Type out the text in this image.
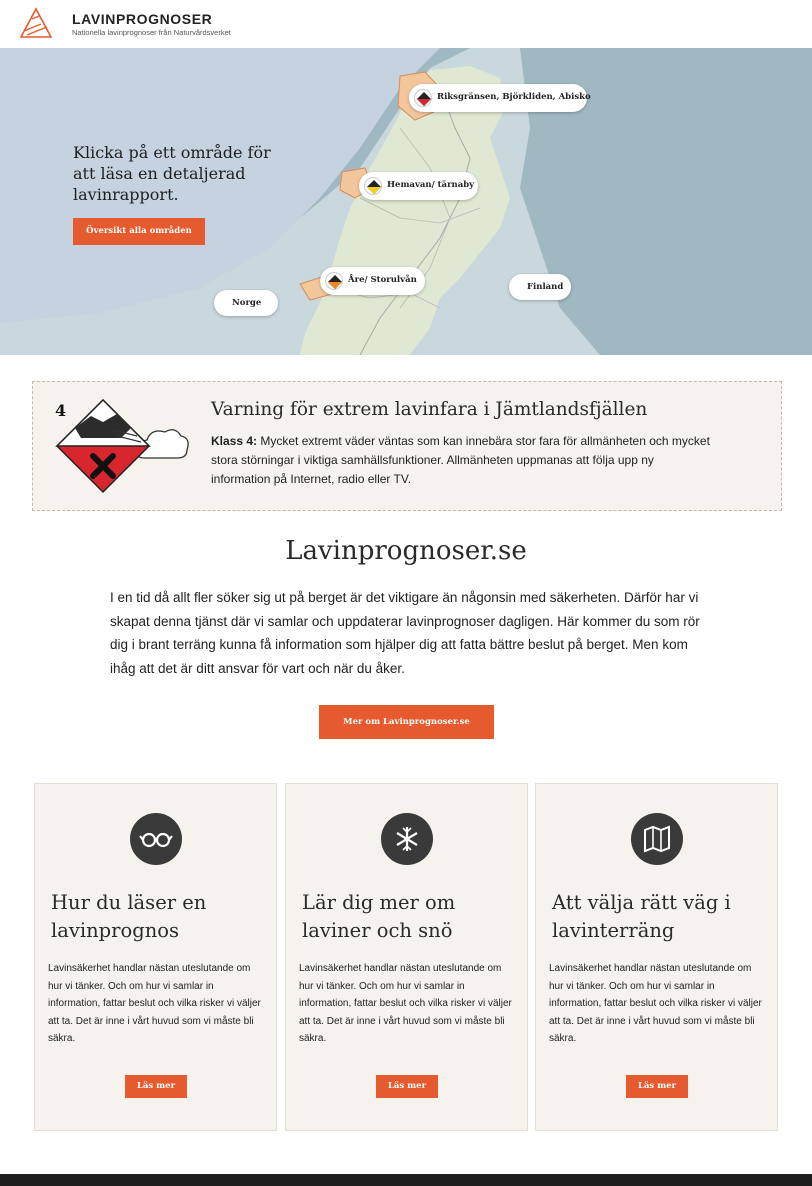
LAVINPROGNOSER
Nationella lavinprognoser från Naturvårdsverket
Klicka på ett område för att läsa en detaljerad lavinrapport.
Översikt alla områden
Riksgränsen, Björkliden, Abisko
Hemavan/ tärnaby
Åre/ Storulvån
Norge
Finland
4	Varning för extrem lavinfara i Jämtlandsfjällen
Klass 4: Mycket extremt väder väntas som kan innebära stor fara för allmänheten och mycket stora störningar i viktiga samhällsfunktioner. Allmänheten uppmanas att följa upp ny information på Internet, radio eller TV.
Lavinprognoser.se
I en tid då allt fler söker sig ut på berget är det viktigare än någonsin med säkerheten. Därför har vi skapat denna tjänst där vi samlar och uppdaterar lavinprognoser dagligen. Här kommer du som rör dig i brant terräng kunna få information som hjälper dig att fatta bättre beslut på berget. Men kom ihåg att det är ditt ansvar för vart och när du åker.
Mer om Lavinprognoser.se
Hur du läser en lavinprognos
Lavinsäkerhet handlar nästan uteslutande om hur vi tänker. Och om hur vi samlar in information, fattar beslut och vilka risker vi väljer att ta. Det är inne i vårt huvud som vi måste bli säkra.
Läs mer
Lär dig mer om laviner och snö
Lavinsäkerhet handlar nästan uteslutande om hur vi tänker. Och om hur vi samlar in information, fattar beslut och vilka risker vi väljer att ta. Det är inne i vårt huvud som vi måste bli säkra.
Läs mer
Att välja rätt väg i lavinterräng
Lavinsäkerhet handlar nästan uteslutande om hur vi tänker. Och om hur vi samlar in information, fattar beslut och vilka risker vi väljer att ta. Det är inne i vårt huvud som vi måste bli säkra.
Läs mer
